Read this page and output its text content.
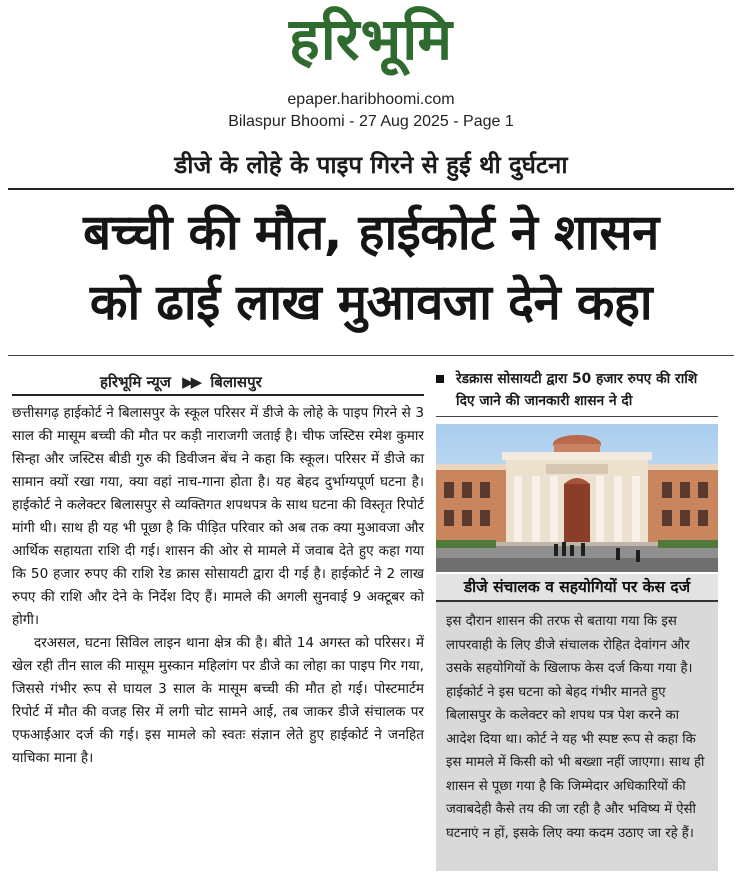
हरिभूमि
epaper.haribhoomi.com
Bilaspur Bhoomi - 27 Aug 2025 - Page 1
डीजे के लोहे के पाइप गिरने से हुई थी दुर्घटना
बच्ची की मौत, हाईकोर्ट ने शासन
को ढाई लाख मुआवजा देने कहा
हरिभूमि न्यूज ▶▶ बिलासपुर

छत्तीसगढ़ हाईकोर्ट ने बिलासपुर के स्कूल परिसर में डीजे के लोहे के पाइप गिरने से 3 साल की मासूम बच्ची की मौत पर कड़ी नाराजगी जताई है। चीफ जस्टिस रमेश कुमार सिन्हा और जस्टिस बीडी गुरु की डिवीजन बेंच ने कहा कि स्कूल। परिसर में डीजे का सामान क्यों रखा गया, क्या वहां नाच-गाना होता है। यह बेहद दुर्भाग्यपूर्ण घटना है। हाईकोर्ट ने कलेक्टर बिलासपुर से व्यक्तिगत शपथपत्र के साथ घटना की विस्तृत रिपोर्ट मांगी थी। साथ ही यह भी पूछा है कि पीड़ित परिवार को अब तक क्या मुआवजा और आर्थिक सहायता राशि दी गई। शासन की ओर से मामले में जवाब देते हुए कहा गया कि 50 हजार रुपए की राशि रेड क्रास सोसायटी द्वारा दी गई है। हाईकोर्ट ने 2 लाख रुपए की राशि और देने के निर्देश दिए हैं। मामले की अगली सुनवाई 9 अक्टूबर को होगी।

दरअसल, घटना सिविल लाइन थाना क्षेत्र की है। बीते 14 अगस्त को परिसर। में खेल रही तीन साल की मासूम मुस्कान महिलांग पर डीजे का लोहा का पाइप गिर गया, जिससे गंभीर रूप से घायल 3 साल के मासूम बच्ची की मौत हो गई। पोस्टमार्टम रिपोर्ट में मौत की वजह सिर में लगी चोट सामने आई, तब जाकर डीजे संचालक पर एफआईआर दर्ज की गई। इस मामले को स्वतः संज्ञान लेते हुए हाईकोर्ट ने जनहित याचिका माना है।

रेडक्रास सोसायटी द्वारा 50 हजार रुपए की राशि दिए जाने की जानकारी शासन ने दी
डीजे संचालक व सहयोगियों पर केस दर्ज
इस दौरान शासन की तरफ से बताया गया कि इस लापरवाही के लिए डीजे संचालक रोहित देवांगन और उसके सहयोगियों के खिलाफ केस दर्ज किया गया है। हाईकोर्ट ने इस घटना को बेहद गंभीर मानते हुए बिलासपुर के कलेक्टर को शपथ पत्र पेश करने का आदेश दिया था। कोर्ट ने यह भी स्पष्ट रूप से कहा कि इस मामले में किसी को भी बख्शा नहीं जाएगा। साथ ही शासन से पूछा गया है कि जिम्मेदार अधिकारियों की जवाबदेही कैसे तय की जा रही है और भविष्य में ऐसी घटनाएं न हों, इसके लिए क्या कदम उठाए जा रहे हैं।
